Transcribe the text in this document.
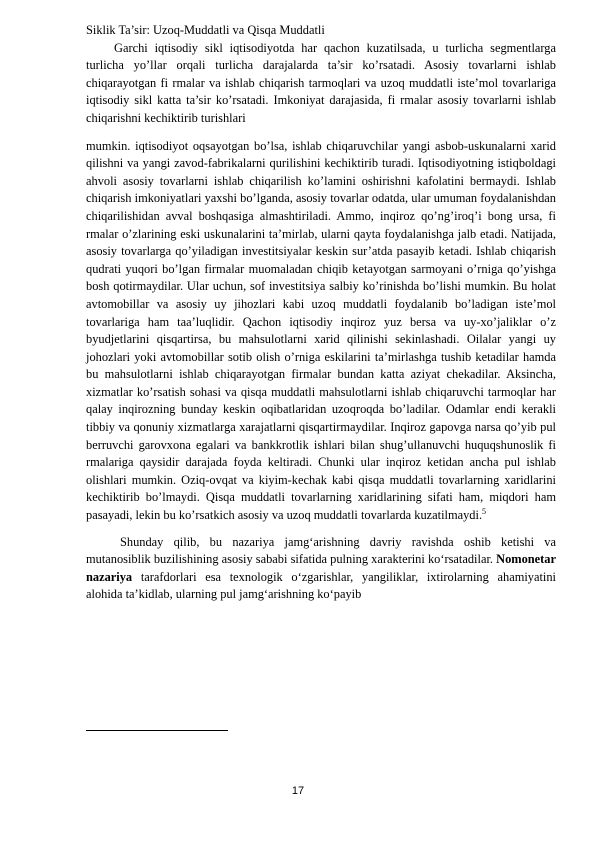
Siklik Ta’sir: Uzoq-Muddatli va Qisqa Muddatli

Garchi iqtisodiy sikl iqtisodiyotda har qachon kuzatilsada, u turlicha segmentlarga turlicha yo’llar orqali turlicha darajalarda ta’sir ko’rsatadi. Asosiy tovarlarni ishlab chiqarayotgan fi rmalar va ishlab chiqarish tarmoqlari va uzoq muddatli iste’mol tovarlariga iqtisodiy sikl katta ta’sir ko’rsatadi. Imkoniyat darajasida, fi rmalar asosiy tovarlarni ishlab chiqarishni kechiktirib turishlari

mumkin. iqtisodiyot oqsayotgan bo’lsa, ishlab chiqaruvchilar yangi asbob-uskunalarni xarid qilishni va yangi zavod-fabrikalarni qurilishini kechiktirib turadi. Iqtisodiyotning istiqboldagi ahvoli asosiy tovarlarni ishlab chiqarilish ko’lamini oshirishni kafolatini bermaydi. Ishlab chiqarish imkoniyatlari yaxshi bo’lganda, asosiy tovarlar odatda, ular umuman foydalanishdan chiqarilishidan avval boshqasiga almashtiriladi. Ammo, inqiroz qo’ng’iroq’i bong ursa, fi rmalar o’zlarining eski uskunalarini ta’mirlab, ularni qayta foydalanishga jalb etadi. Natijada, asosiy tovarlarga qo’yiladigan investitsiyalar keskin sur’atda pasayib ketadi. Ishlab chiqarish qudrati yuqori bo’lgan firmalar muomaladan chiqib ketayotgan sarmoyani o’rniga qo’yishga bosh qotirmaydilar. Ular uchun, sof investitsiya salbiy ko’rinishda bo’lishi mumkin. Bu holat avtomobillar va asosiy uy jihozlari kabi uzoq muddatli foydalanib bo’ladigan iste’mol tovarlariga ham taa’luqlidir. Qachon iqtisodiy inqiroz yuz bersa va uy-xo’jaliklar o’z byudjetlarini qisqartirsa, bu mahsulotlarni xarid qilinishi sekinlashadi. Oilalar yangi uy johozlari yoki avtomobillar sotib olish o’rniga eskilarini ta’mirlashga tushib ketadilar hamda bu mahsulotlarni ishlab chiqarayotgan firmalar bundan katta aziyat chekadilar. Aksincha, xizmatlar ko’rsatish sohasi va qisqa muddatli mahsulotlarni ishlab chiqaruvchi tarmoqlar har qalay inqirozning bunday keskin oqibatlaridan uzoqroqda bo’ladilar. Odamlar endi kerakli tibbiy va qonuniy xizmatlarga xarajatlarni qisqartirmaydilar. Inqiroz gapovga narsa qo’yib pul berruvchi garovxona egalari va bankkrotlik ishlari bilan shug’ullanuvchi huquqshunoslik fi rmalariga qaysidir darajada foyda keltiradi. Chunki ular inqiroz ketidan ancha pul ishlab olishlari mumkin. Oziq-ovqat va kiyim-kechak kabi qisqa muddatli tovarlarning xaridlarini kechiktirib bo’lmaydi. Qisqa muddatli tovarlarning xaridlarining sifati ham, miqdori ham pasayadi, lekin bu ko’rsatkich asosiy va uzoq muddatli tovarlarda kuzatilmaydi.$^5$

Shunday qilib, bu nazariya jamg‘arishning davriy ravishda oshib ketishi va mutanosiblik buzilishining asosiy sababi sifatida pulning xarakterini ko‘rsatadilar. Nomonetar nazariya tarafdorlari esa texnologik o‘zgarishlar, yangiliklar, ixtirolarning ahamiyatini alohida ta’kidlab, ularning pul jamg‘arishning ko‘payib

17
